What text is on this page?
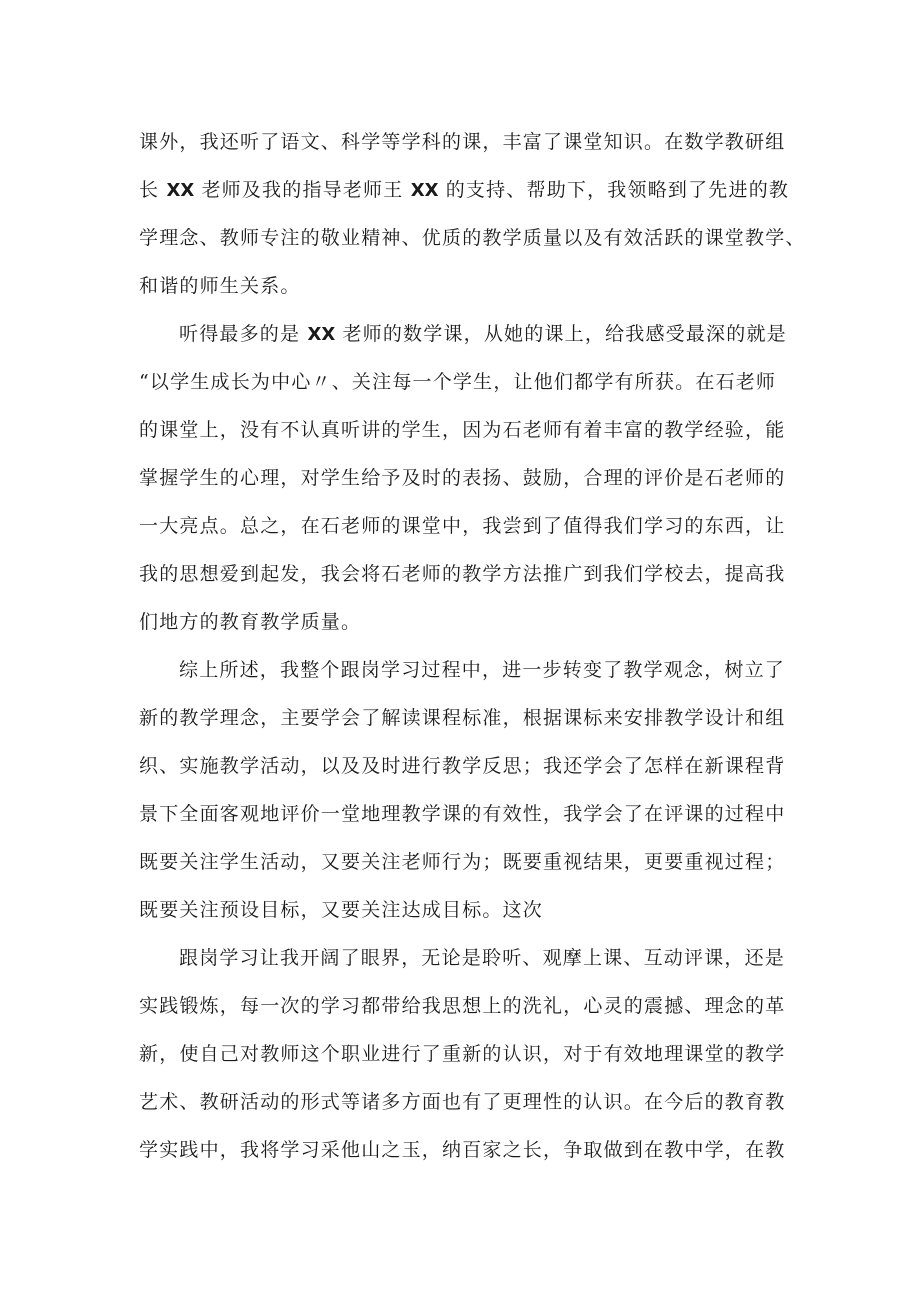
课外，我还听了语文、科学等学科的课，丰富了课堂知识。在数学教研组
长 XX 老师及我的指导老师王 XX 的支持、帮助下，我领略到了先进的教
学理念、教师专注的敬业精神、优质的教学质量以及有效活跃的课堂教学、
和谐的师生关系。
听得最多的是 XX 老师的数学课，从她的课上，给我感受最深的就是
“以学生成长为中心〃、关注每一个学生，让他们都学有所获。在石老师
的课堂上，没有不认真听讲的学生，因为石老师有着丰富的教学经验，能
掌握学生的心理，对学生给予及时的表扬、鼓励，合理的评价是石老师的
一大亮点。总之，在石老师的课堂中，我尝到了值得我们学习的东西，让
我的思想爱到起发，我会将石老师的教学方法推广到我们学校去，提高我
们地方的教育教学质量。
综上所述，我整个跟岗学习过程中，进一步转变了教学观念，树立了
新的教学理念，主要学会了解读课程标准，根据课标来安排教学设计和组
织、实施教学活动，以及及时进行教学反思；我还学会了怎样在新课程背
景下全面客观地评价一堂地理教学课的有效性，我学会了在评课的过程中
既要关注学生活动，又要关注老师行为；既要重视结果，更要重视过程；
既要关注预设目标，又要关注达成目标。这次
跟岗学习让我开阔了眼界，无论是聆听、观摩上课、互动评课，还是
实践锻炼，每一次的学习都带给我思想上的洗礼，心灵的震撼、理念的革
新，使自己对教师这个职业进行了重新的认识，对于有效地理课堂的教学
艺术、教研活动的形式等诸多方面也有了更理性的认识。在今后的教育教
学实践中，我将学习采他山之玉，纳百家之长，争取做到在教中学，在教
